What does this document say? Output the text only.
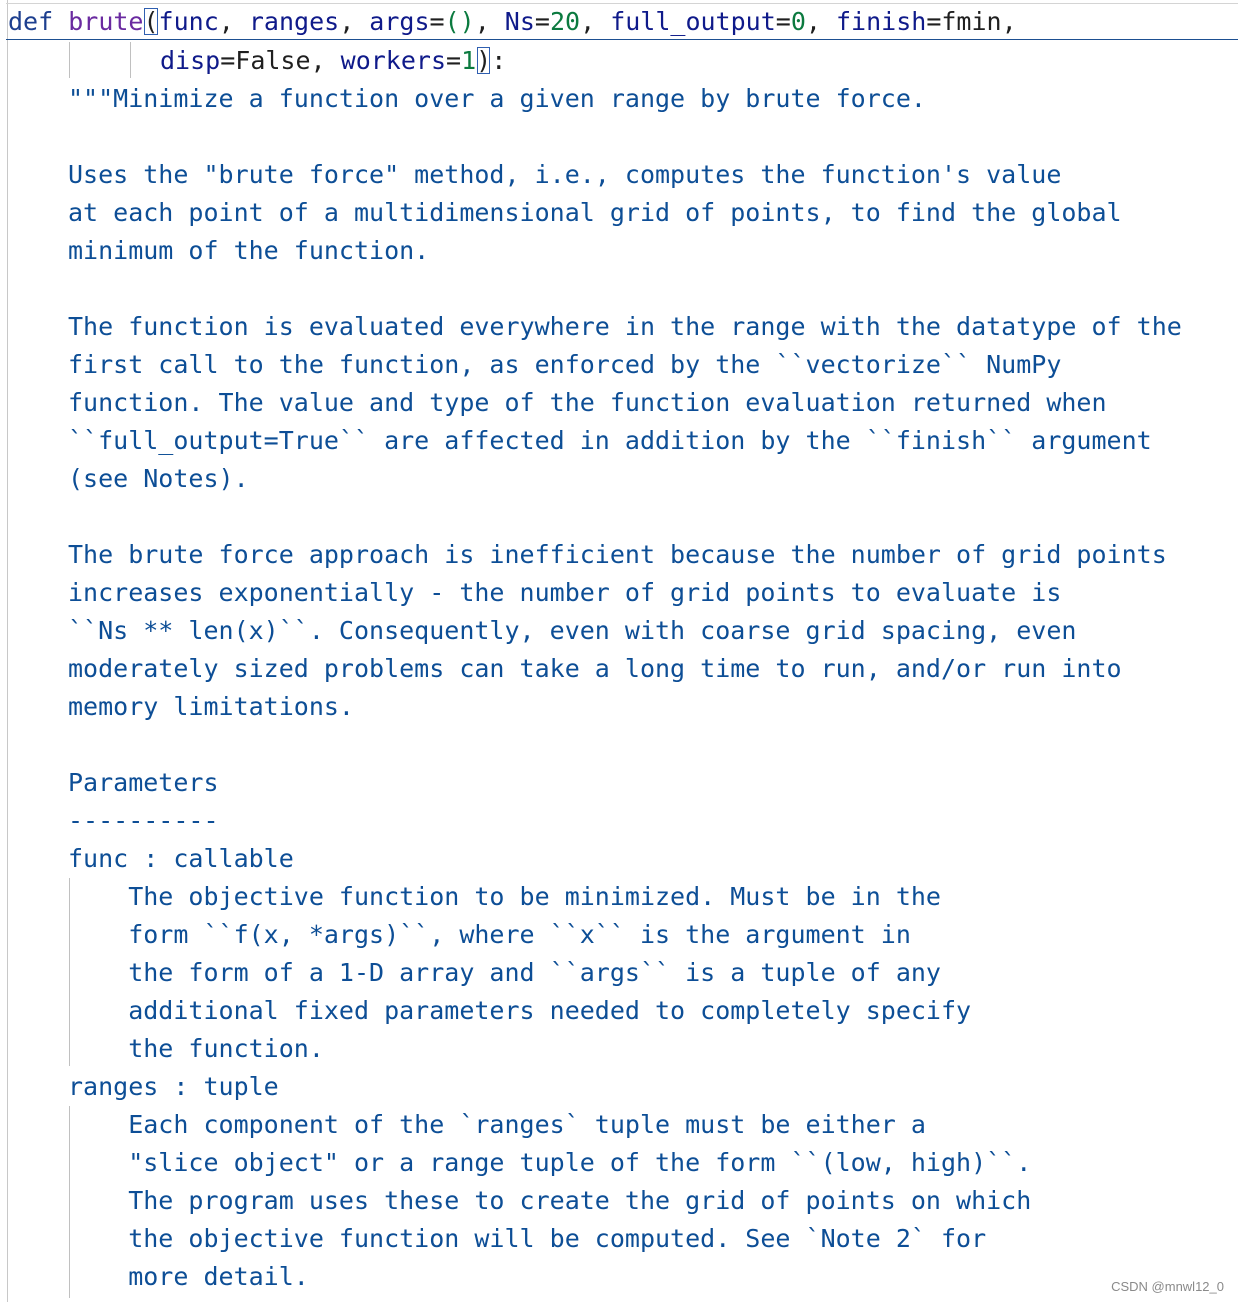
def brute(func, ranges, args=(), Ns=20, full_output=0, finish=fmin,
disp=False, workers=1):
"""Minimize a function over a given range by brute force.
Uses the "brute force" method, i.e., computes the function's value
at each point of a multidimensional grid of points, to find the global
minimum of the function.
The function is evaluated everywhere in the range with the datatype of the
first call to the function, as enforced by the ``vectorize`` NumPy
function. The value and type of the function evaluation returned when
``full_output=True`` are affected in addition by the ``finish`` argument
(see Notes).
The brute force approach is inefficient because the number of grid points
increases exponentially - the number of grid points to evaluate is
``Ns ** len(x)``. Consequently, even with coarse grid spacing, even
moderately sized problems can take a long time to run, and/or run into
memory limitations.
Parameters
----------
func : callable
The objective function to be minimized. Must be in the
form ``f(x, *args)``, where ``x`` is the argument in
the form of a 1-D array and ``args`` is a tuple of any
additional fixed parameters needed to completely specify
the function.
ranges : tuple
Each component of the `ranges` tuple must be either a
"slice object" or a range tuple of the form ``(low, high)``.
The program uses these to create the grid of points on which
the objective function will be computed. See `Note 2` for
more detail.	CSDN @mnwl12_0
